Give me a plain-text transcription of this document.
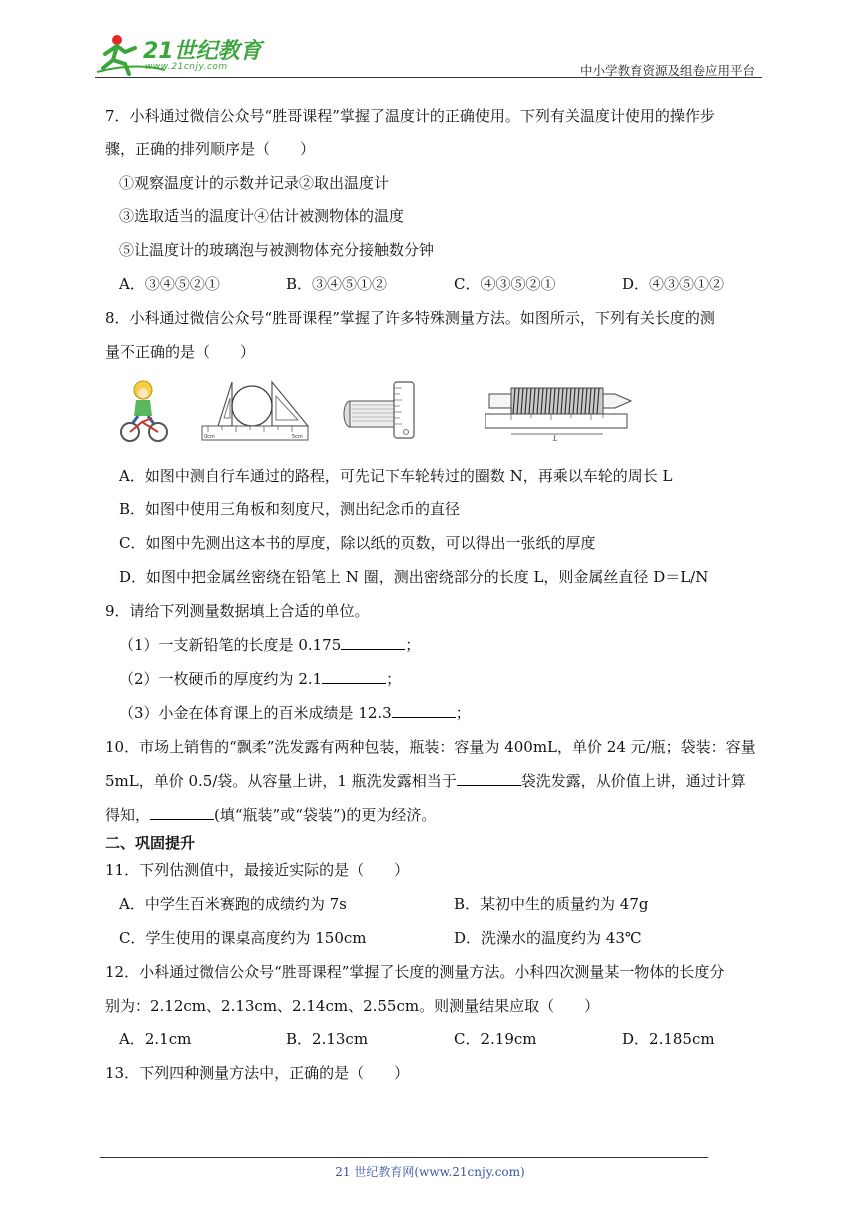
21世纪教育
www.21cnjy.com	中小学教育资源及组卷应用平台
7．小科通过微信公众号“胜哥课程”掌握了温度计的正确使用。下列有关温度计使用的操作步
骤，正确的排列顺序是（　　）
①观察温度计的示数并记录②取出温度计
③选取适当的温度计④估计被测物体的温度
⑤让温度计的玻璃泡与被测物体充分接触数分钟
A．③④⑤②①	B．③④⑤①②	C．④③⑤②①	D．④③⑤①②
8．小科通过微信公众号“胜哥课程”掌握了许多特殊测量方法。如图所示，下列有关长度的测
量不正确的是（　　）
0cm	5cm	L
A．如图中测自行车通过的路程，可先记下车轮转过的圈数 N，再乘以车轮的周长 L
B．如图中使用三角板和刻度尺，测出纪念币的直径
C．如图中先测出这本书的厚度，除以纸的页数，可以得出一张纸的厚度
D．如图中把金属丝密绕在铅笔上 N 圈，测出密绕部分的长度 L，则金属丝直径 D＝L/N
9．请给下列测量数据填上合适的单位。
（1）一支新铅笔的长度是 0.175	；
（2）一枚硬币的厚度约为 2.1	；
（3）小金在体育课上的百米成绩是 12.3	；
10．市场上销售的“飘柔”洗发露有两种包装，瓶装：容量为 400mL，单价 24 元/瓶；袋装：容量
5mL，单价 0.5/袋。从容量上讲，1 瓶洗发露相当于	袋洗发露，从价值上讲，通过计算
得知，	(填“瓶装”或“袋装”)的更为经济。
二、巩固提升
11．下列估测值中，最接近实际的是（　　）
A．中学生百米赛跑的成绩约为 7s	B．某初中生的质量约为 47g
C．学生使用的课桌高度约为 150cm	D．洗澡水的温度约为 43℃
12．小科通过微信公众号“胜哥课程”掌握了长度的测量方法。小科四次测量某一物体的长度分
别为：2.12cm、2.13cm、2.14cm、2.55cm。则测量结果应取（　　）
A．2.1cm	B．2.13cm	C．2.19cm	D．2.185cm
13．下列四种测量方法中，正确的是（　　）
21 世纪教育网(www.21cnjy.com)
